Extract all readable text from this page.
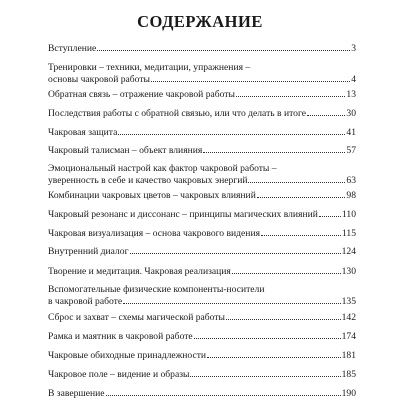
СОДЕРЖАНИЕ
Вступление	3
Тренировки – техники, медитации, упражнения –
основы чакровой работы	4
Обратная связь – отражение чакровой работы	13
Последствия работы с обратной связью, или что делать в итоге	30
Чакровая защита	41
Чакровый талисман – объект влияния	57
Эмоциональный настрой как фактор чакровой работы –
уверенность в себе и качество чакровых энергий	63
Комбинации чакровых цветов – чакровых влияний	98
Чакровый резонанс и диссонанс – принципы магических влияний	110
Чакровая визуализация – основа чакрового видения	115
Внутренний диалог	124
Творение и медитация. Чакровая реализация	130
Вспомогательные физические компоненты-носители
в чакровой работе	135
Сброс и захват – схемы магической работы	142
Рамка и маятник в чакровой работе	174
Чакровые обиходные принадлежности	181
Чакровое поле – видение и образы	185
В завершение	190
